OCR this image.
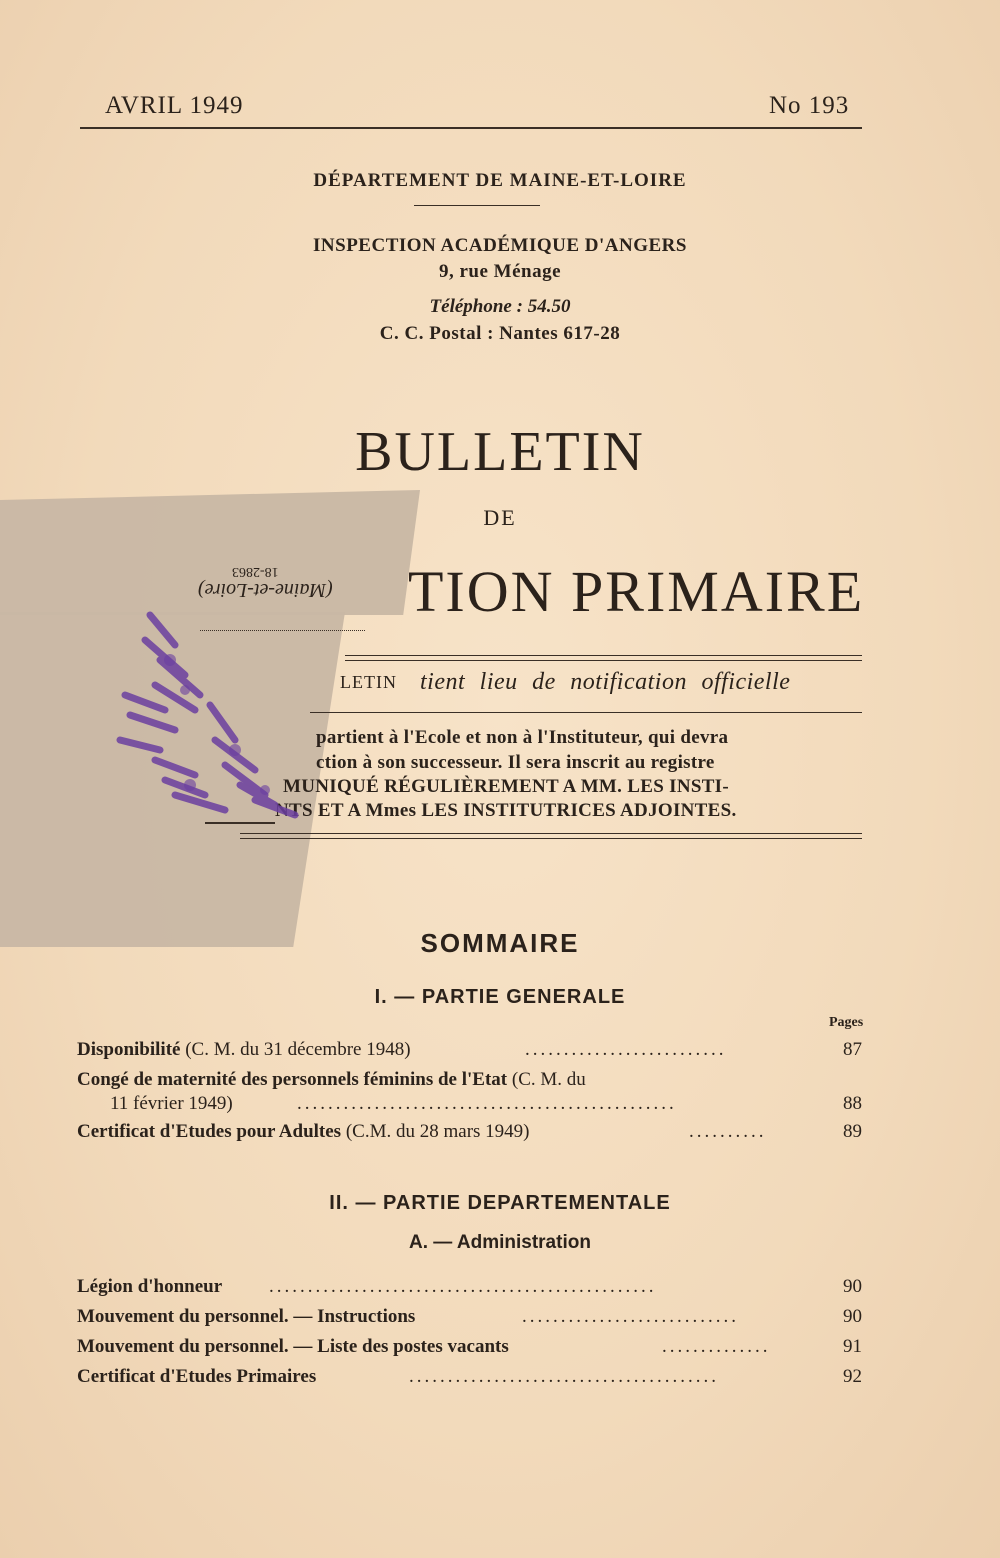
AVRIL 1949	No 193
DÉPARTEMENT DE MAINE-ET-LOIRE
INSPECTION ACADÉMIQUE D'ANGERS
9, rue Ménage
Téléphone : 54.50
C. C. Postal : Nantes 617-28
BULLETIN
DE
TION PRIMAIRE
(Maine-et-Loire)
18-2863
LETIN tient lieu de notification officielle
partient à l'Ecole et non à l'Instituteur, qui devra
ction à son successeur. Il sera inscrit au registre
MUNIQUÉ RÉGULIÈREMENT A MM. LES INSTI-
NTS ET A Mmes LES INSTITUTRICES ADJOINTES.
SOMMAIRE
I. — PARTIE GENERALE
Pages
Disponibilité (C. M. du 31 décembre 1948)	..........................	87
Congé de maternité des personnels féminins de l'Etat (C. M. du
11 février 1949)	.................................................	88
Certificat d'Etudes pour Adultes (C.M. du 28 mars 1949)	..........	89
II. — PARTIE DEPARTEMENTALE
A. — Administration
Légion d'honneur ..................................................	90
Mouvement du personnel. — Instructions	............................	90
Mouvement du personnel. — Liste des postes vacants	..............	91
Certificat d'Etudes Primaires	........................................	92
